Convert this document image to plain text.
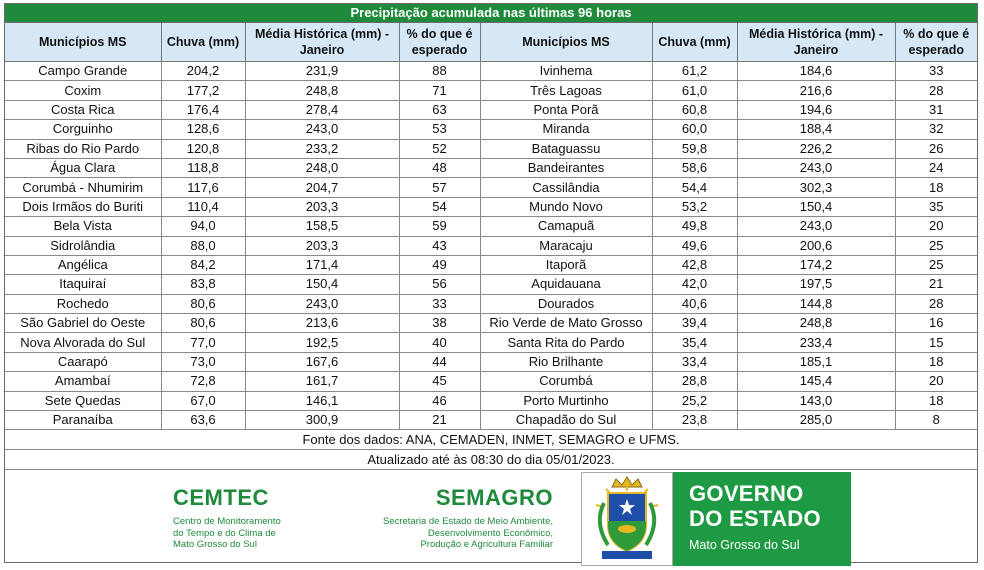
Precipitação acumulada nas últimas 96 horas
Municípios MS	Chuva (mm)	Média Histórica (mm) - Janeiro	% do que é esperado	Municípios MS	Chuva (mm)	Média Histórica (mm) - Janeiro	% do que é esperado
Campo Grande	204,2	231,9	88	Ivinhema	61,2	184,6	33
Coxim	177,2	248,8	71	Três Lagoas	61,0	216,6	28
Costa Rica	176,4	278,4	63	Ponta Porã	60,8	194,6	31
Corguinho	128,6	243,0	53	Miranda	60,0	188,4	32
Ribas do Rio Pardo	120,8	233,2	52	Bataguassu	59,8	226,2	26
Água Clara	118,8	248,0	48	Bandeirantes	58,6	243,0	24
Corumbá - Nhumirim	117,6	204,7	57	Cassilândia	54,4	302,3	18
Dois Irmãos do Buriti	110,4	203,3	54	Mundo Novo	53,2	150,4	35
Bela Vista	94,0	158,5	59	Camapuã	49,8	243,0	20
Sidrolândia	88,0	203,3	43	Maracaju	49,6	200,6	25
Angélica	84,2	171,4	49	Itaporã	42,8	174,2	25
Itaquiraí	83,8	150,4	56	Aquidauana	42,0	197,5	21
Rochedo	80,6	243,0	33	Dourados	40,6	144,8	28
São Gabriel do Oeste	80,6	213,6	38	Rio Verde de Mato Grosso	39,4	248,8	16
Nova Alvorada do Sul	77,0	192,5	40	Santa Rita do Pardo	35,4	233,4	15
Caarapó	73,0	167,6	44	Rio Brilhante	33,4	185,1	18
Amambaí	72,8	161,7	45	Corumbá	28,8	145,4	20
Sete Quedas	67,0	146,1	46	Porto Murtinho	25,2	143,0	18
Paranaíba	63,6	300,9	21	Chapadão do Sul	23,8	285,0	8
Fonte dos dados: ANA, CEMADEN, INMET, SEMAGRO e UFMS.
Atualizado até às 08:30 do dia 05/01/2023.
CEMTEC
Centro de Monitoramento
do Tempo e do Clima de
Mato Grosso do Sul
SEMAGRO
Secretaria de Estado de Meio Ambiente,
Desenvolvimento Econômico,
Produção e Agricultura Familiar
GOVERNO
DO ESTADO
Mato Grosso do Sul
